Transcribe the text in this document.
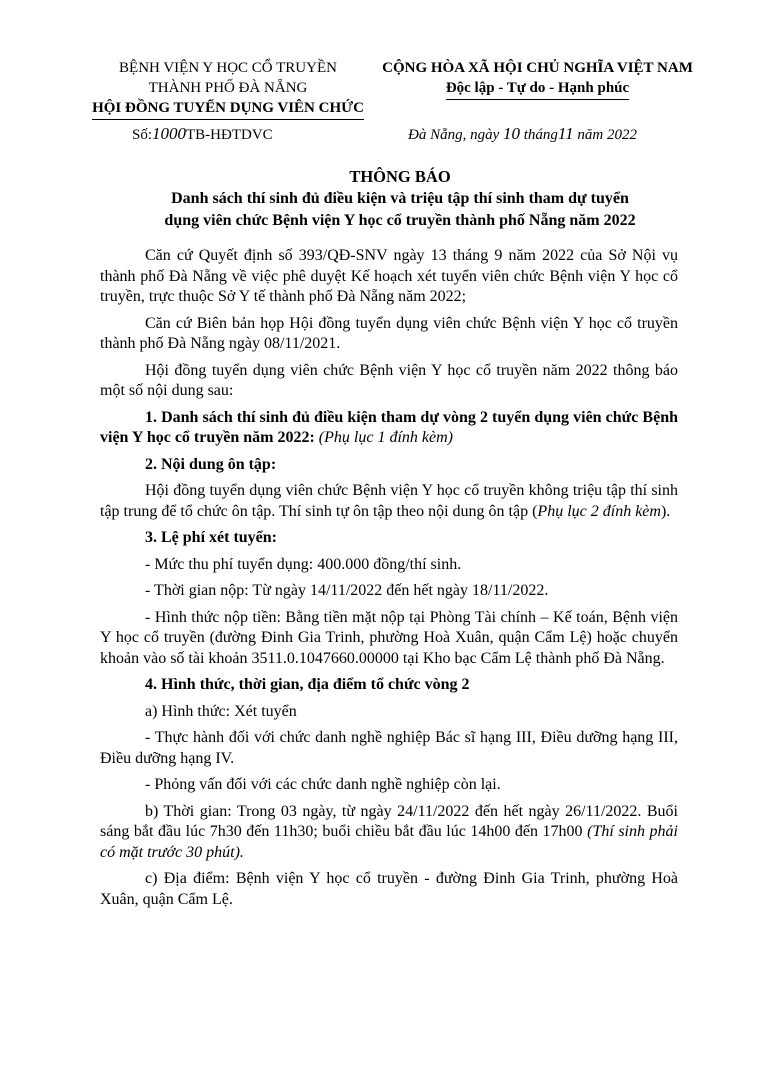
BỆNH VIỆN Y HỌC CỔ TRUYỀN
THÀNH PHỐ ĐÀ NẴNG
HỘI ĐỒNG TUYỂN DỤNG VIÊN CHỨC
Số:1000TB-HĐTDVC
CỘNG HÒA XÃ HỘI CHỦ NGHĨA VIỆT NAM
Độc lập - Tự do - Hạnh phúc
Đà Nẵng, ngày 10 tháng11 năm 2022
THÔNG BÁO
Danh sách thí sinh đủ điều kiện và triệu tập thí sinh tham dự tuyển
dụng viên chức Bệnh viện Y học cổ truyền thành phố Nẵng năm 2022

Căn cứ Quyết định số 393/QĐ-SNV ngày 13 tháng 9 năm 2022 của Sở Nội vụ thành phố Đà Nẵng về việc phê duyệt Kế hoạch xét tuyển viên chức Bệnh viện Y học cổ truyền, trực thuộc Sở Y tế thành phố Đà Nẵng năm 2022;

Căn cứ Biên bản họp Hội đồng tuyển dụng viên chức Bệnh viện Y học cổ truyền thành phố Đà Nẵng ngày 08/11/2021.

Hội đồng tuyển dụng viên chức Bệnh viện Y học cổ truyền năm 2022 thông báo một số nội dung sau:

1. Danh sách thí sinh đủ điều kiện tham dự vòng 2 tuyển dụng viên chức Bệnh viện Y học cổ truyền năm 2022: (Phụ lục 1 đính kèm)

2. Nội dung ôn tập:

Hội đồng tuyển dụng viên chức Bệnh viện Y học cổ truyền không triệu tập thí sinh tập trung để tổ chức ôn tập. Thí sinh tự ôn tập theo nội dung ôn tập (Phụ lục 2 đính kèm).

3. Lệ phí xét tuyển:

- Mức thu phí tuyển dụng: 400.000 đồng/thí sinh.

- Thời gian nộp: Từ ngày 14/11/2022 đến hết ngày 18/11/2022.

- Hình thức nộp tiền: Bằng tiền mặt nộp tại Phòng Tài chính – Kế toán, Bệnh viện Y học cổ truyền (đường Đinh Gia Trinh, phường Hoà Xuân, quận Cẩm Lệ) hoặc chuyển khoản vào số tài khoản 3511.0.1047660.00000 tại Kho bạc Cẩm Lệ thành phố Đà Nẵng.

4. Hình thức, thời gian, địa điểm tổ chức vòng 2

a) Hình thức: Xét tuyển

- Thực hành đối với chức danh nghề nghiệp Bác sĩ hạng III, Điều dưỡng hạng III, Điều dưỡng hạng IV.

- Phỏng vấn đối với các chức danh nghề nghiệp còn lại.

b) Thời gian: Trong 03 ngày, từ ngày 24/11/2022 đến hết ngày 26/11/2022. Buổi sáng bắt đầu lúc 7h30 đến 11h30; buổi chiều bắt đầu lúc 14h00 đến 17h00 (Thí sinh phải có mặt trước 30 phút).

c) Địa điểm: Bệnh viện Y học cổ truyền - đường Đinh Gia Trinh, phường Hoà Xuân, quận Cẩm Lệ.
